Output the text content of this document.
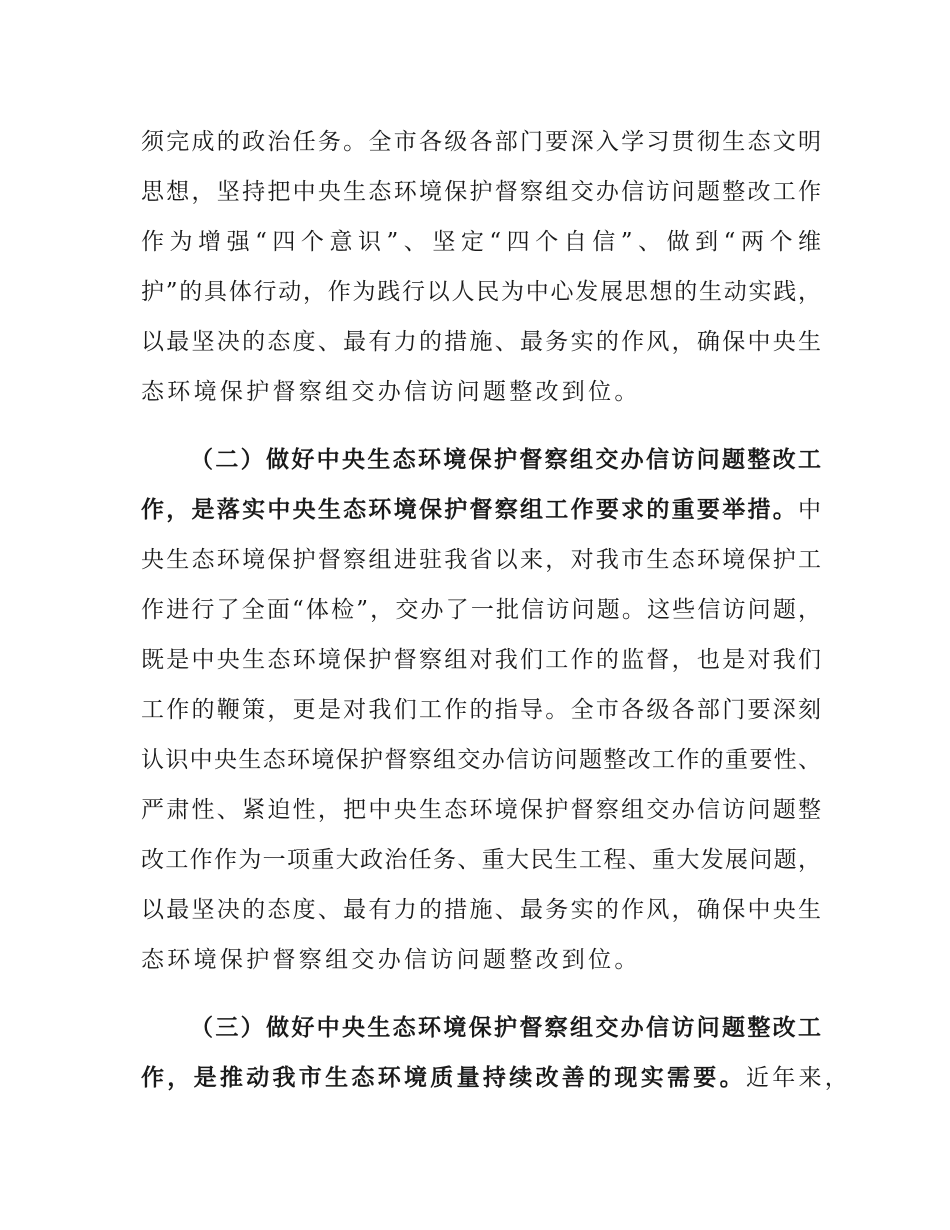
须完成的政治任务。全市各级各部门要深入学习贯彻生态文明
思想，坚持把中央生态环境保护督察组交办信访问题整改工作
作为增强“四个意识”、坚定“四个自信”、做到“两个维
护”的具体行动，作为践行以人民为中心发展思想的生动实践，
以最坚决的态度、最有力的措施、最务实的作风，确保中央生
态环境保护督察组交办信访问题整改到位。
（二）做好中央生态环境保护督察组交办信访问题整改工
作，是落实中央生态环境保护督察组工作要求的重要举措。中
央生态环境保护督察组进驻我省以来，对我市生态环境保护工
作进行了全面“体检”，交办了一批信访问题。这些信访问题，
既是中央生态环境保护督察组对我们工作的监督，也是对我们
工作的鞭策，更是对我们工作的指导。全市各级各部门要深刻
认识中央生态环境保护督察组交办信访问题整改工作的重要性、
严肃性、紧迫性，把中央生态环境保护督察组交办信访问题整
改工作作为一项重大政治任务、重大民生工程、重大发展问题，
以最坚决的态度、最有力的措施、最务实的作风，确保中央生
态环境保护督察组交办信访问题整改到位。
（三）做好中央生态环境保护督察组交办信访问题整改工
作，是推动我市生态环境质量持续改善的现实需要。近年来，
